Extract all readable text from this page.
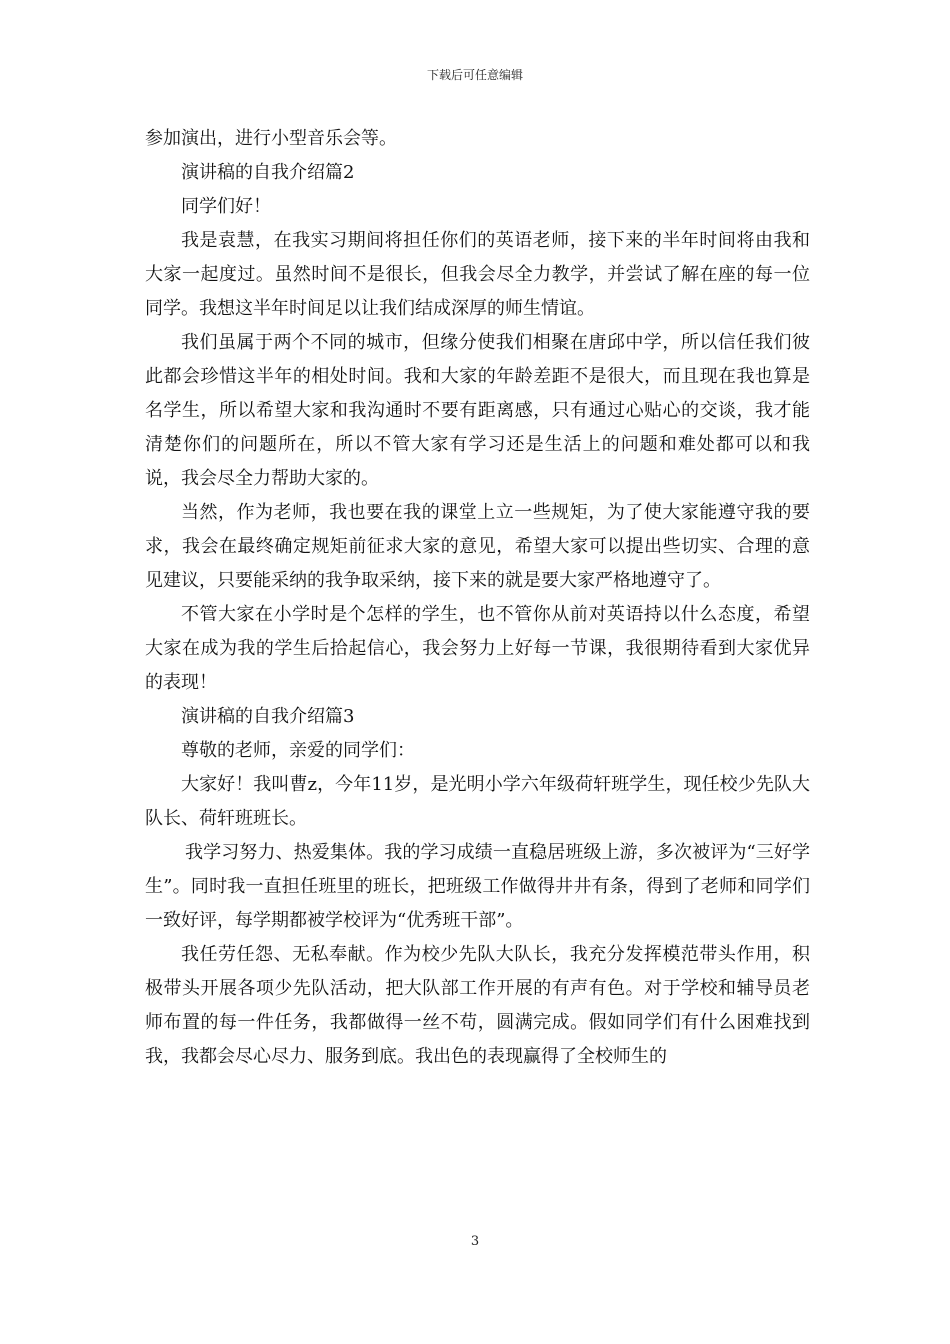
下载后可任意编辑

参加演出，进行小型音乐会等。

演讲稿的自我介绍篇2

同学们好！

我是袁慧，在我实习期间将担任你们的英语老师，接下来的半年时间将由我和大家一起度过。虽然时间不是很长，但我会尽全力教学，并尝试了解在座的每一位同学。我想这半年时间足以让我们结成深厚的师生情谊。

我们虽属于两个不同的城市，但缘分使我们相聚在唐邱中学，所以信任我们彼此都会珍惜这半年的相处时间。我和大家的年龄差距不是很大，而且现在我也算是名学生，所以希望大家和我沟通时不要有距离感，只有通过心贴心的交谈，我才能清楚你们的问题所在，所以不管大家有学习还是生活上的问题和难处都可以和我说，我会尽全力帮助大家的。

当然，作为老师，我也要在我的课堂上立一些规矩，为了使大家能遵守我的要求，我会在最终确定规矩前征求大家的意见，希望大家可以提出些切实、合理的意见建议，只要能采纳的我争取采纳，接下来的就是要大家严格地遵守了。

不管大家在小学时是个怎样的学生，也不管你从前对英语持以什么态度，希望大家在成为我的学生后拾起信心，我会努力上好每一节课，我很期待看到大家优异的表现！

演讲稿的自我介绍篇3

尊敬的老师，亲爱的同学们：

大家好！我叫曹z，今年11岁，是光明小学六年级荷轩班学生，现任校少先队大队长、荷轩班班长。

我学习努力、热爱集体。我的学习成绩一直稳居班级上游，多次被评为“三好学生”。同时我一直担任班里的班长，把班级工作做得井井有条，得到了老师和同学们一致好评，每学期都被学校评为“优秀班干部”。

我任劳任怨、无私奉献。作为校少先队大队长，我充分发挥模范带头作用，积极带头开展各项少先队活动，把大队部工作开展的有声有色。对于学校和辅导员老师布置的每一件任务，我都做得一丝不苟，圆满完成。假如同学们有什么困难找到我，我都会尽心尽力、服务到底。我出色的表现赢得了全校师生的

3
